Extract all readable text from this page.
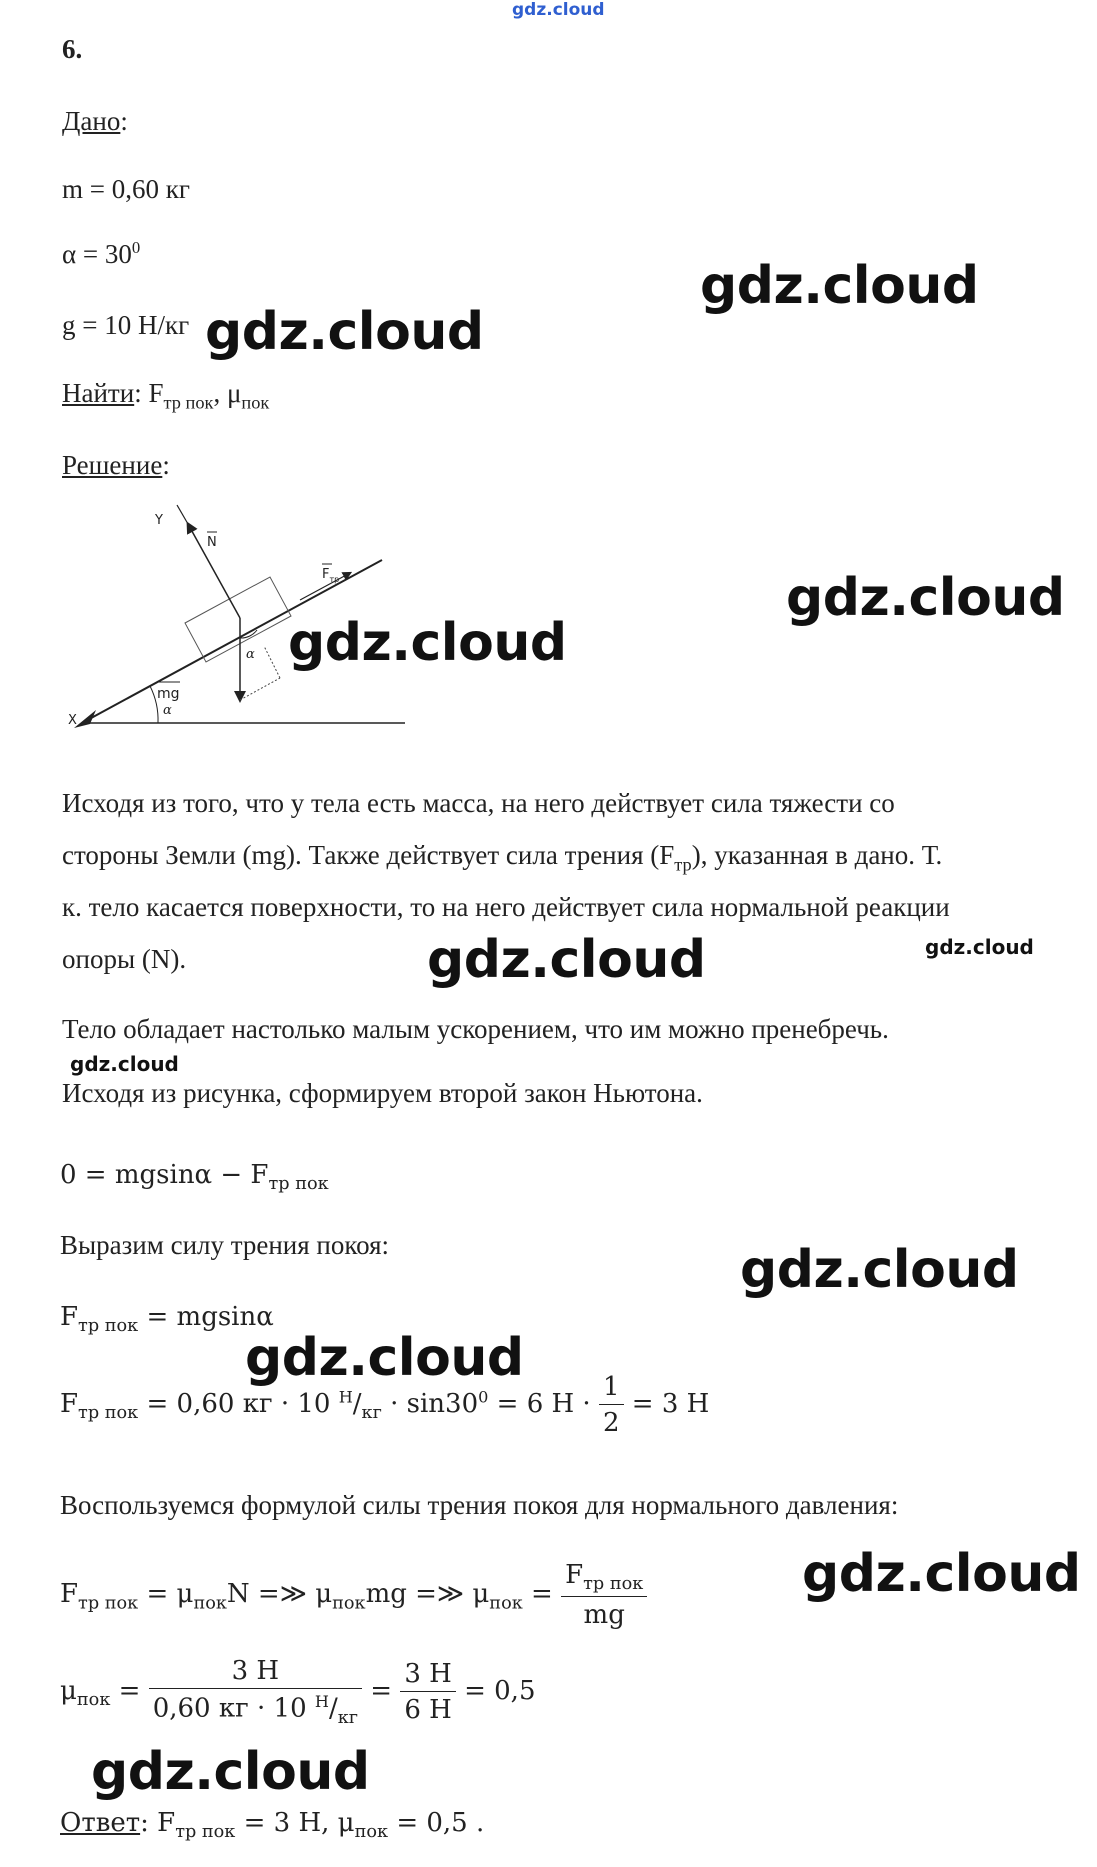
gdz.cloud
6.
Дано:
m = 0,60 кг
$\alpha = 30^0$
g = 10 Н/кг
Найти: $F_{тр пок}$, $\mu_{пок}$
Решение:
X
α
Y
N
$F_{тр}$
mg
α
Исходя из того, что у тела есть масса, на него действует сила тяжести со
стороны Земли (mg). Также действует сила трения $(F_{тр})$, указанная в дано. Т.
к. тело касается поверхности, то на него действует сила нормальной реакции
опоры (N).
Тело обладает настолько малым ускорением, что им можно пренебречь.
Исходя из рисунка, сформируем второй закон Ньютона.
$0 = mgsin\alpha - F_{тр пок}$
Выразим силу трения покоя:
$F_{тр пок} = mgsin\alpha$
$F_{тр пок} = 0,60$ кг · 10 $^Н/_{кг} \cdot \sin 30^0 = 6$ $Н \cdot \frac{1}{2} = 3$ Н
Воспользуемся формулой силы трения покоя для нормального давления:
$F_{тр пок} = \mu_{пок}N$ =≫ $\mu_{пок}mg$ =≫ $\mu_{пок} = \frac{F_{тр пок}}{mg}$
$\mu_{пок} = \frac{3 Н}{0,60 кг \cdot 10 ^Н/_{кг}} = \frac{3 Н}{6 Н} = 0,5$
Ответ: $F_{тр пок} = 3$ Н, $\mu_{пок} = 0,5$ .
gdz.cloud
gdz.cloud
gdz.cloud
gdz.cloud
gdz.cloud
gdz.cloud
gdz.cloud
gdz.cloud
gdz.cloud
gdz.cloud
gdz.cloud
